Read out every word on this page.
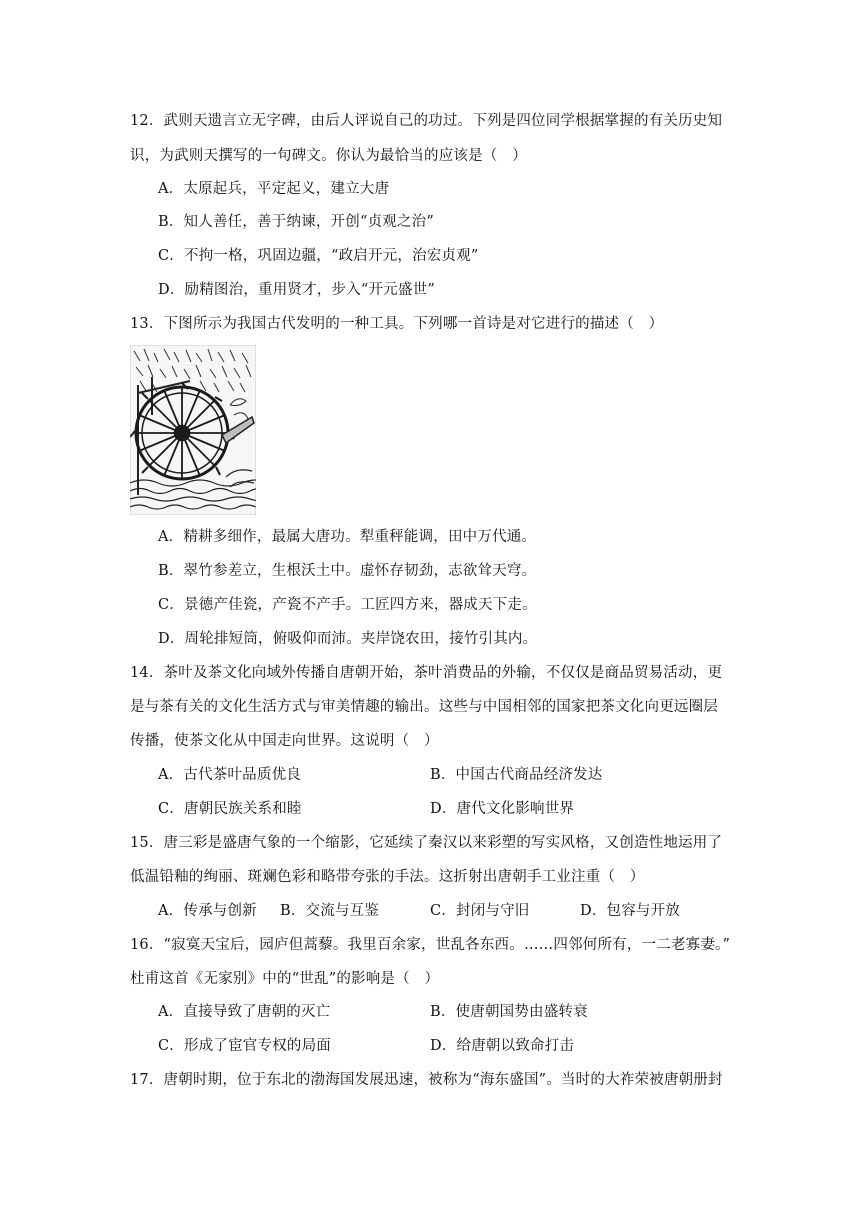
12．武则天遗言立无字碑，由后人评说自己的功过。下列是四位同学根据掌握的有关历史知
识，为武则天撰写的一句碑文。你认为最恰当的应该是（　）
A．太原起兵，平定起义，建立大唐
B．知人善任，善于纳谏，开创“贞观之治”
C．不拘一格，巩固边疆，“政启开元，治宏贞观”
D．励精图治，重用贤才，步入“开元盛世”
13．下图所示为我国古代发明的一种工具。下列哪一首诗是对它进行的描述（　）
A．精耕多细作，最属大唐功。犁重秤能调，田中万代通。
B．翠竹参差立，生根沃土中。虚怀存韧劲，志欲耸天穹。
C．景德产佳瓷，产瓷不产手。工匠四方来，器成天下走。
D．周轮排短筒，俯吸仰而沛。夹岸饶农田，接竹引其内。
14．茶叶及茶文化向域外传播自唐朝开始，茶叶消费品的外输，不仅仅是商品贸易活动，更
是与茶有关的文化生活方式与审美情趣的输出。这些与中国相邻的国家把茶文化向更远圈层
传播，使茶文化从中国走向世界。这说明（　）
A．古代茶叶品质优良	B．中国古代商品经济发达
C．唐朝民族关系和睦	D．唐代文化影响世界
15．唐三彩是盛唐气象的一个缩影，它延续了秦汉以来彩塑的写实风格，又创造性地运用了
低温铅釉的绚丽、斑斓色彩和略带夸张的手法。这折射出唐朝手工业注重（　）
A．传承与创新 B．交流与互鉴	C．封闭与守旧	D．包容与开放
16．“寂寞天宝后，园庐但蒿藜。我里百余家，世乱各东西。……四邻何所有，一二老寡妻。”
杜甫这首《无家别》中的“世乱”的影响是（　）
A．直接导致了唐朝的灭亡	B．使唐朝国势由盛转衰
C．形成了宦官专权的局面	D．给唐朝以致命打击
17．唐朝时期，位于东北的渤海国发展迅速，被称为“海东盛国”。当时的大祚荣被唐朝册封
